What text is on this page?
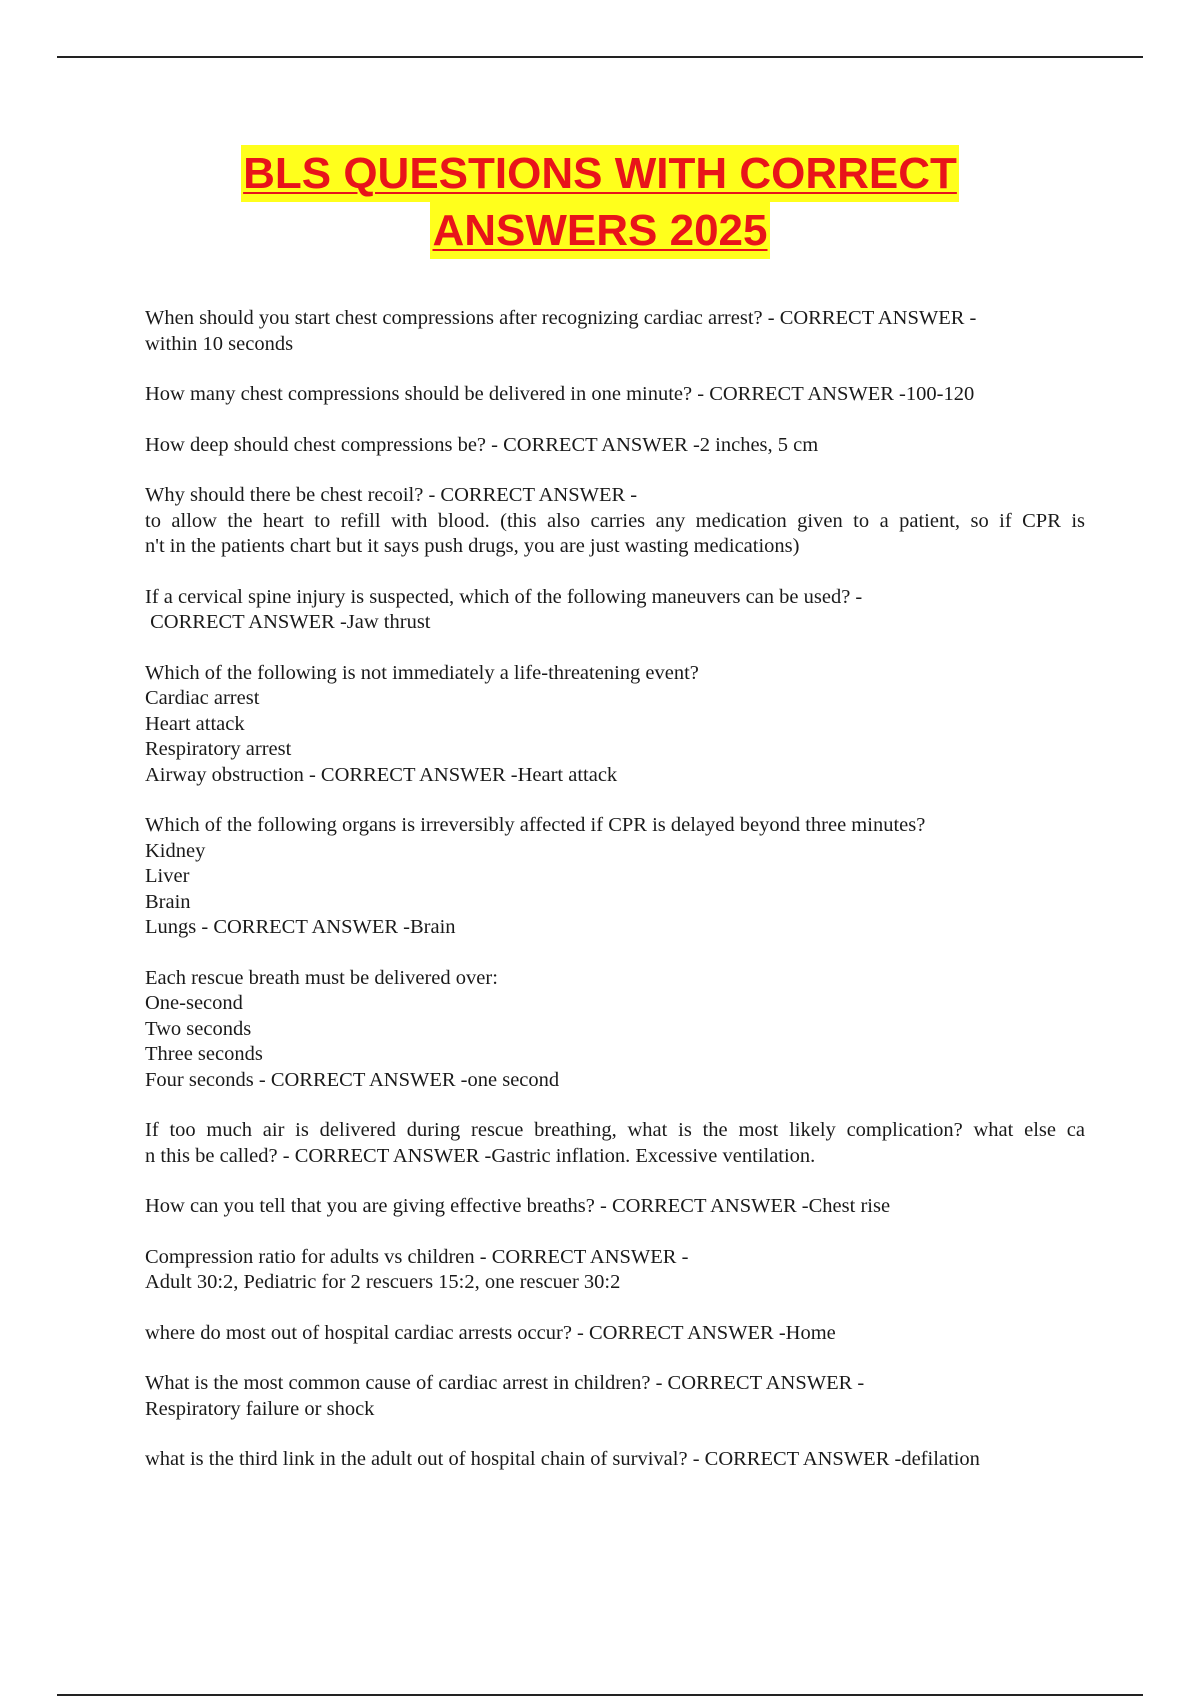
BLS QUESTIONS WITH CORRECT
ANSWERS 2025
When should you start chest compressions after recognizing cardiac arrest? - CORRECT ANSWER -
within 10 seconds
How many chest compressions should be delivered in one minute? - CORRECT ANSWER -100-120
How deep should chest compressions be? - CORRECT ANSWER -2 inches, 5 cm
Why should there be chest recoil? - CORRECT ANSWER -
to allow the heart to refill with blood. (this also carries any medication given to a patient, so if CPR is
n't in the patients chart but it says push drugs, you are just wasting medications)
If a cervical spine injury is suspected, which of the following maneuvers can be used? -
CORRECT ANSWER -Jaw thrust
Which of the following is not immediately a life-threatening event?
Cardiac arrest
Heart attack
Respiratory arrest
Airway obstruction - CORRECT ANSWER -Heart attack
Which of the following organs is irreversibly affected if CPR is delayed beyond three minutes?
Kidney
Liver
Brain
Lungs - CORRECT ANSWER -Brain
Each rescue breath must be delivered over:
One-second
Two seconds
Three seconds
Four seconds - CORRECT ANSWER -one second
If too much air is delivered during rescue breathing, what is the most likely complication? what else ca
n this be called? - CORRECT ANSWER -Gastric inflation. Excessive ventilation.
How can you tell that you are giving effective breaths? - CORRECT ANSWER -Chest rise
Compression ratio for adults vs children - CORRECT ANSWER -
Adult 30:2, Pediatric for 2 rescuers 15:2, one rescuer 30:2
where do most out of hospital cardiac arrests occur? - CORRECT ANSWER -Home
What is the most common cause of cardiac arrest in children? - CORRECT ANSWER -
Respiratory failure or shock
what is the third link in the adult out of hospital chain of survival? - CORRECT ANSWER -defilation
